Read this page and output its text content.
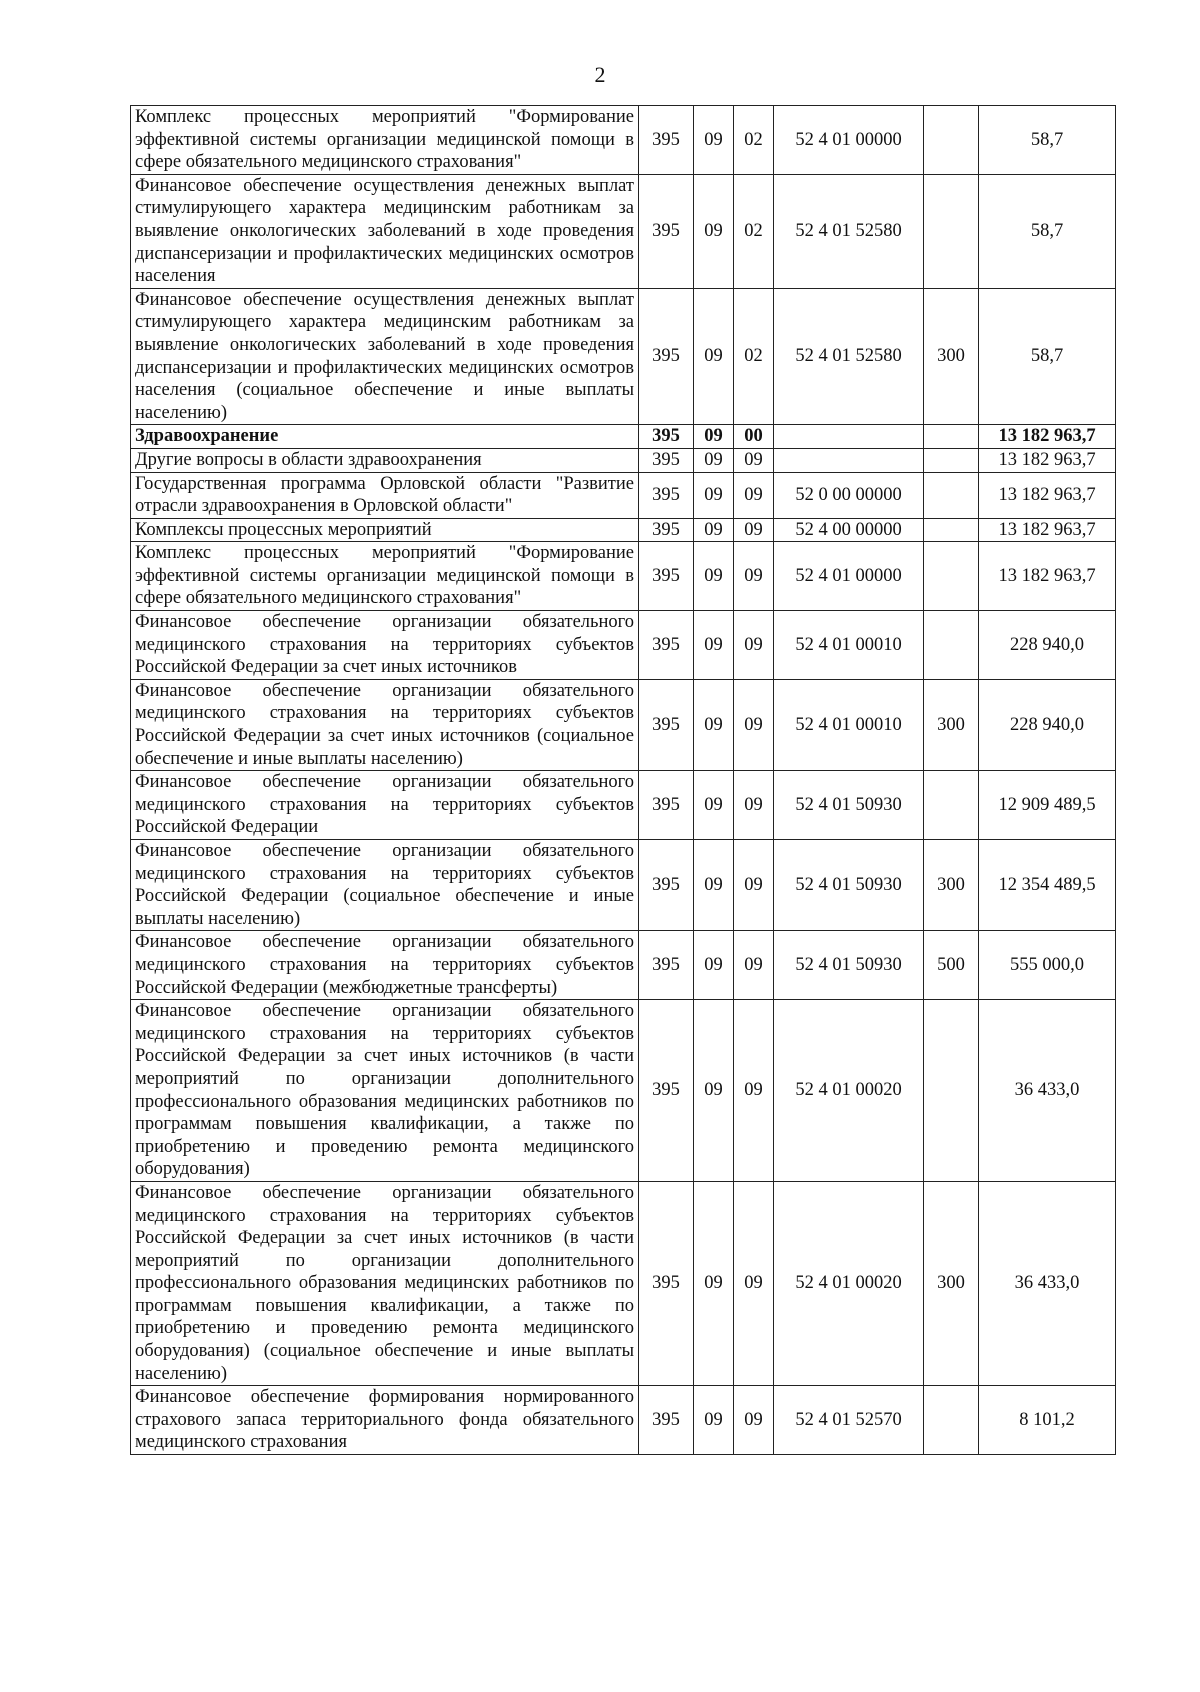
2
Комплекс процессных мероприятий "Формирование эффективной системы организации медицинской помощи в сфере обязательного медицинского страхования"	395	09	02	52 4 01 00000		58,7
Финансовое обеспечение осуществления денежных выплат стимулирующего характера медицинским работникам за выявление онкологических заболеваний в ходе проведения диспансеризации и профилактических медицинских осмотров населения	395	09	02	52 4 01 52580		58,7
Финансовое обеспечение осуществления денежных выплат стимулирующего характера медицинским работникам за выявление онкологических заболеваний в ходе проведения диспансеризации и профилактических медицинских осмотров населения (социальное обеспечение и иные выплаты населению)	395	09	02	52 4 01 52580	300	58,7
Здравоохранение	395	09	00			13 182 963,7
Другие вопросы в области здравоохранения	395	09	09			13 182 963,7
Государственная программа Орловской области "Развитие отрасли здравоохранения в Орловской области"	395	09	09	52 0 00 00000		13 182 963,7
Комплексы процессных мероприятий	395	09	09	52 4 00 00000		13 182 963,7
Комплекс процессных мероприятий "Формирование эффективной системы организации медицинской помощи в сфере обязательного медицинского страхования"	395	09	09	52 4 01 00000		13 182 963,7
Финансовое обеспечение организации обязательного медицинского страхования на территориях субъектов Российской Федерации за счет иных источников	395	09	09	52 4 01 00010		228 940,0
Финансовое обеспечение организации обязательного медицинского страхования на территориях субъектов Российской Федерации за счет иных источников (социальное обеспечение и иные выплаты населению)	395	09	09	52 4 01 00010	300	228 940,0
Финансовое обеспечение организации обязательного медицинского страхования на территориях субъектов Российской Федерации	395	09	09	52 4 01 50930		12 909 489,5
Финансовое обеспечение организации обязательного медицинского страхования на территориях субъектов Российской Федерации (социальное обеспечение и иные выплаты населению)	395	09	09	52 4 01 50930	300	12 354 489,5
Финансовое обеспечение организации обязательного медицинского страхования на территориях субъектов Российской Федерации (межбюджетные трансферты)	395	09	09	52 4 01 50930	500	555 000,0
Финансовое обеспечение организации обязательного медицинского страхования на территориях субъектов Российской Федерации за счет иных источников (в части мероприятий по организации дополнительного профессионального образования медицинских работников по программам повышения квалификации, а также по приобретению и проведению ремонта медицинского оборудования)	395	09	09	52 4 01 00020		36 433,0
Финансовое обеспечение организации обязательного медицинского страхования на территориях субъектов Российской Федерации за счет иных источников (в части мероприятий по организации дополнительного профессионального образования медицинских работников по программам повышения квалификации, а также по приобретению и проведению ремонта медицинского оборудования) (социальное обеспечение и иные выплаты населению)	395	09	09	52 4 01 00020	300	36 433,0
Финансовое обеспечение формирования нормированного страхового запаса территориального фонда обязательного медицинского страхования	395	09	09	52 4 01 52570		8 101,2
